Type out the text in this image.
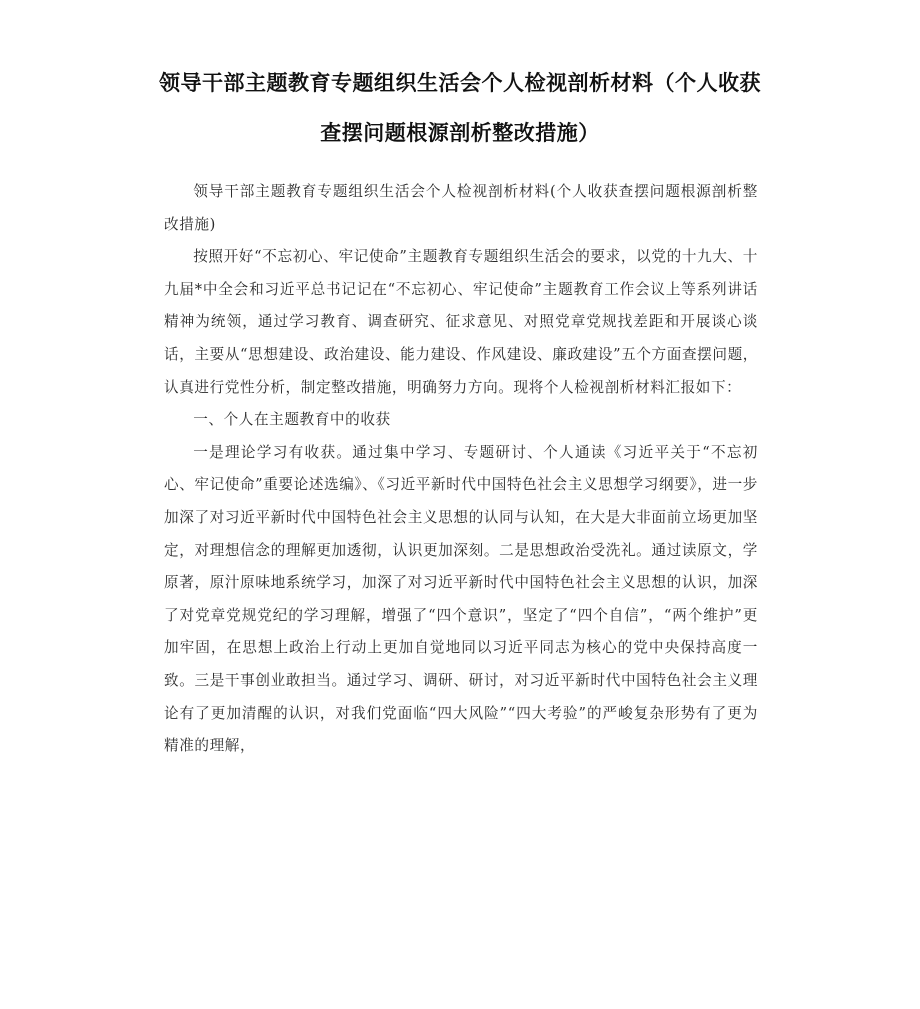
领导干部主题教育专题组织生活会个人检视剖析材料（个人收获查摆问题根源剖析整改措施）

领导干部主题教育专题组织生活会个人检视剖析材料(个人收获查摆问题根源剖析整改措施)

按照开好“不忘初心、牢记使命”主题教育专题组织生活会的要求，以党的十九大、十九届*中全会和习近平总书记记在“不忘初心、牢记使命”主题教育工作会议上等系列讲话精神为统领，通过学习教育、调查研究、征求意见、对照党章党规找差距和开展谈心谈话，主要从“思想建设、政治建设、能力建设、作风建设、廉政建设”五个方面查摆问题，认真进行党性分析，制定整改措施，明确努力方向。现将个人检视剖析材料汇报如下：

一、个人在主题教育中的收获

一是理论学习有收获。通过集中学习、专题研讨、个人通读《习近平关于“不忘初心、牢记使命”重要论述选编》、《习近平新时代中国特色社会主义思想学习纲要》，进一步加深了对习近平新时代中国特色社会主义思想的认同与认知，在大是大非面前立场更加坚定，对理想信念的理解更加透彻，认识更加深刻。二是思想政治受洗礼。通过读原文，学原著，原汁原味地系统学习，加深了对习近平新时代中国特色社会主义思想的认识，加深了对党章党规党纪的学习理解，增强了“四个意识”，坚定了“四个自信”，“两个维护”更加牢固，在思想上政治上行动上更加自觉地同以习近平同志为核心的党中央保持高度一致。三是干事创业敢担当。通过学习、调研、研讨，对习近平新时代中国特色社会主义理论有了更加清醒的认识，对我们党面临“四大风险”“四大考验”的严峻复杂形势有了更为精准的理解，
